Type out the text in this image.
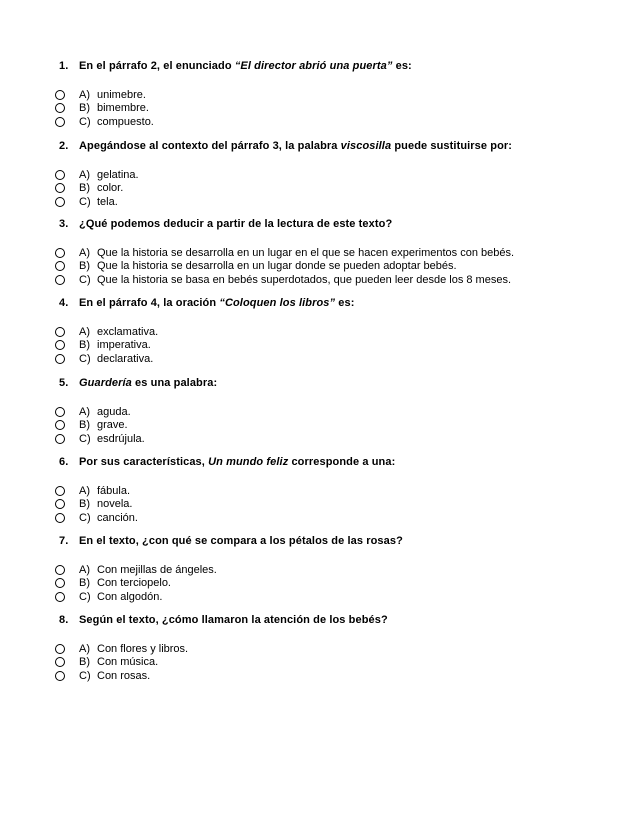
1. En el párrafo 2, el enunciado “El director abrió una puerta” es:
A) unimebre.
B) bimembre.
C) compuesto.
2. Apegándose al contexto del párrafo 3, la palabra viscosilla puede sustituirse por:
A) gelatina.
B) color.
C) tela.
3. ¿Qué podemos deducir a partir de la lectura de este texto?
A) Que la historia se desarrolla en un lugar en el que se hacen experimentos con bebés.
B) Que la historia se desarrolla en un lugar donde se pueden adoptar bebés.
C) Que la historia se basa en bebés superdotados, que pueden leer desde los 8 meses.
4. En el párrafo 4, la oración “Coloquen los libros” es:
A) exclamativa.
B) imperativa.
C) declarativa.
5. Guardería es una palabra:
A) aguda.
B) grave.
C) esdrújula.
6. Por sus características, Un mundo feliz corresponde a una:
A) fábula.
B) novela.
C) canción.
7. En el texto, ¿con qué se compara a los pétalos de las rosas?
A) Con mejillas de ángeles.
B) Con terciopelo.
C) Con algodón.
8. Según el texto, ¿cómo llamaron la atención de los bebés?
A) Con flores y libros.
B) Con música.
C) Con rosas.
